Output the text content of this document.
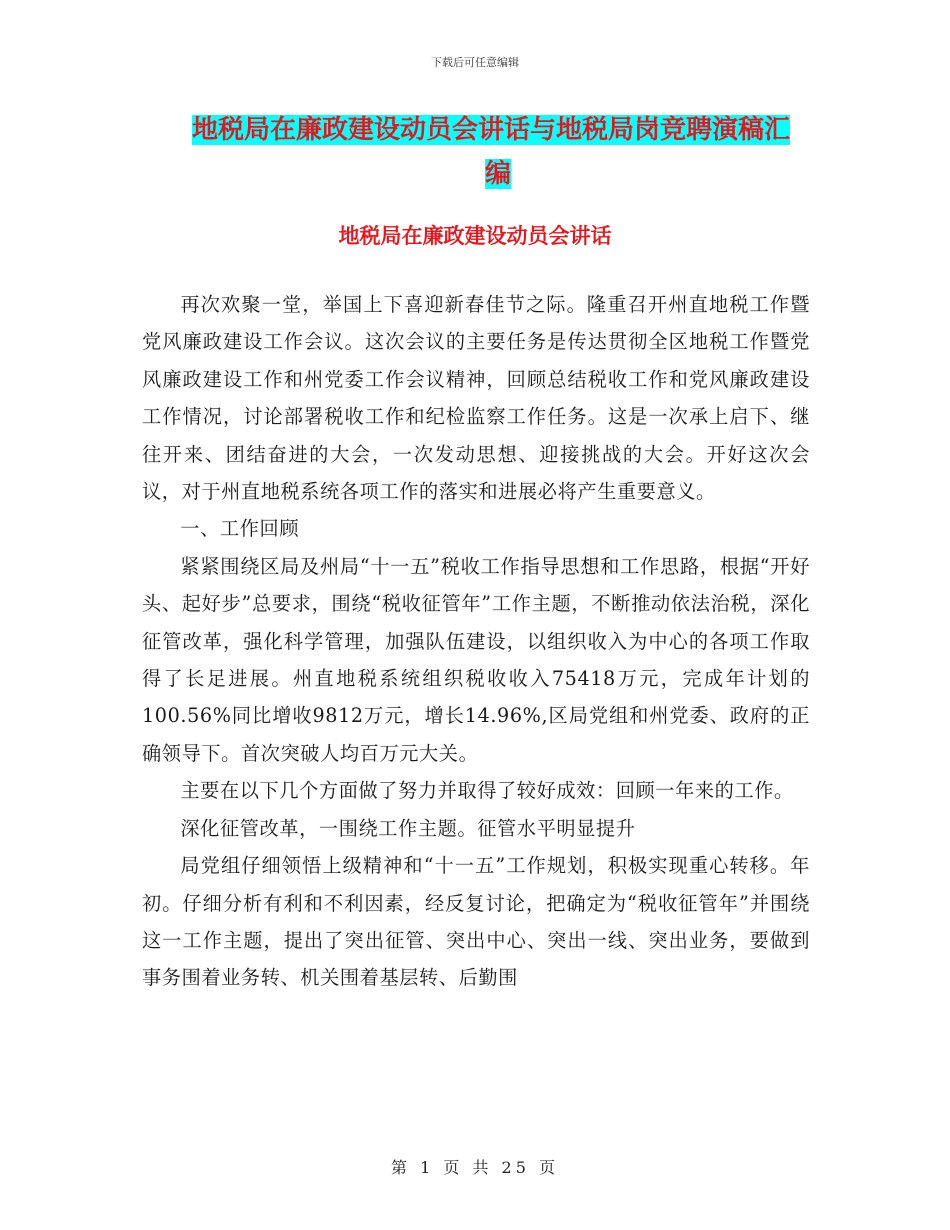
下载后可任意编辑
地税局在廉政建设动员会讲话与地税局岗竞聘演稿汇
编
地税局在廉政建设动员会讲话

再次欢聚一堂，举国上下喜迎新春佳节之际。隆重召开州直地税工作暨党风廉政建设工作会议。这次会议的主要任务是传达贯彻全区地税工作暨党风廉政建设工作和州党委工作会议精神，回顾总结税收工作和党风廉政建设工作情况，讨论部署税收工作和纪检监察工作任务。这是一次承上启下、继往开来、团结奋进的大会，一次发动思想、迎接挑战的大会。开好这次会议，对于州直地税系统各项工作的落实和进展必将产生重要意义。

一、工作回顾

紧紧围绕区局及州局“十一五”税收工作指导思想和工作思路，根据“开好头、起好步”总要求，围绕“税收征管年”工作主题，不断推动依法治税，深化征管改革，强化科学管理，加强队伍建设，以组织收入为中心的各项工作取得了长足进展。州直地税系统组织税收收入75418万元，完成年计划的100.56%同比增收9812万元，增长14.96%,区局党组和州党委、政府的正确领导下。首次突破人均百万元大关。

主要在以下几个方面做了努力并取得了较好成效：回顾一年来的工作。

深化征管改革，一围绕工作主题。征管水平明显提升

局党组仔细领悟上级精神和“十一五”工作规划，积极实现重心转移。年初。仔细分析有利和不利因素，经反复讨论，把确定为“税收征管年”并围绕这一工作主题，提出了突出征管、突出中心、突出一线、突出业务，要做到事务围着业务转、机关围着基层转、后勤围

第 1 页 共 25 页
